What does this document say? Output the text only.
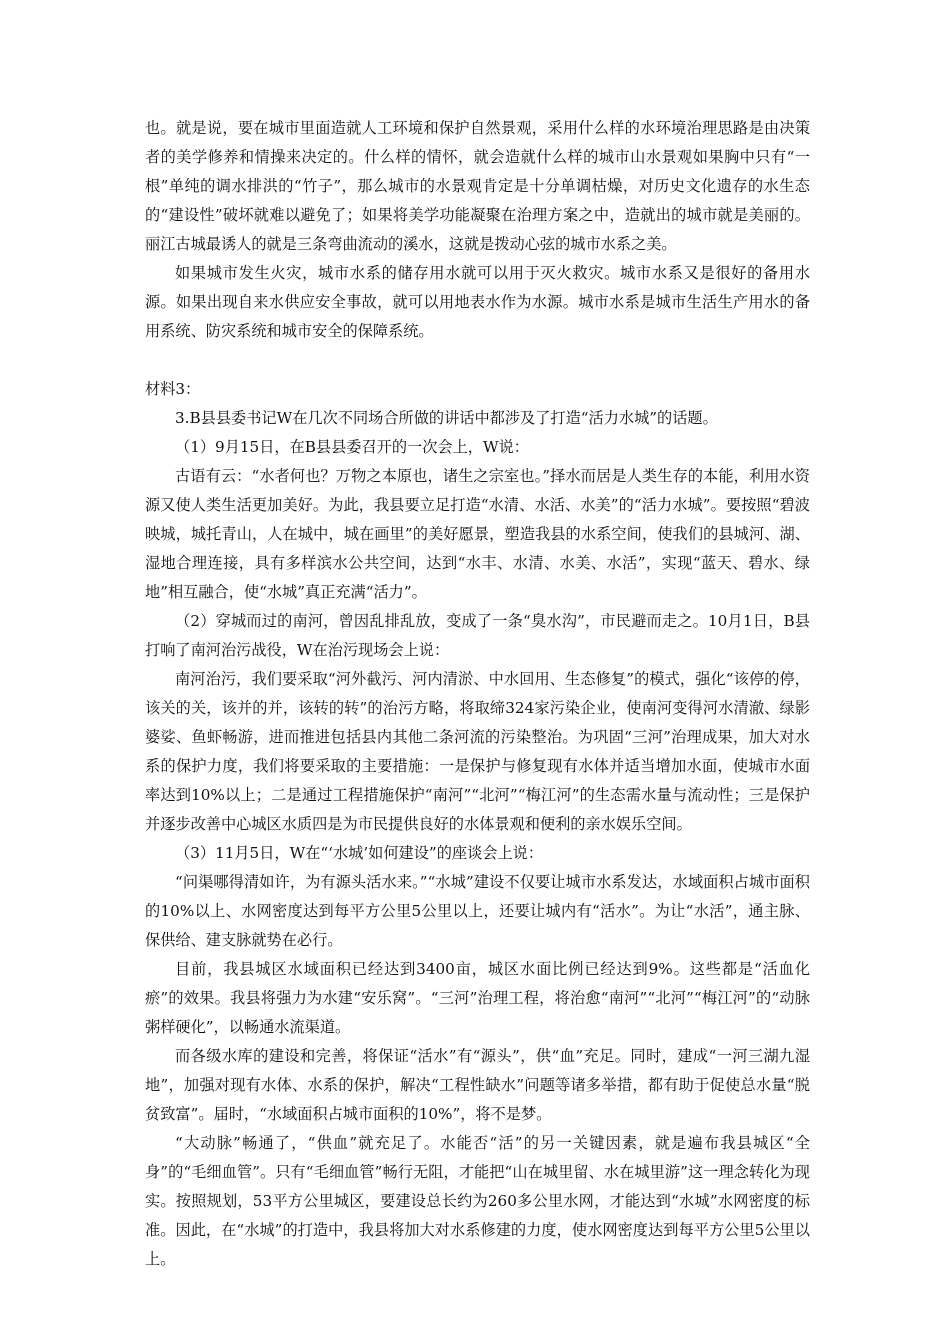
也。就是说，要在城市里面造就人工环境和保护自然景观，采用什么样的水环境治理思路是由决策者的美学修养和情操来决定的。什么样的情怀，就会造就什么样的城市山水景观如果胸中只有“一根”单纯的调水排洪的“竹子”，那么城市的水景观肯定是十分单调枯燥，对历史文化遗存的水生态的“建设性”破坏就难以避免了；如果将美学功能凝聚在治理方案之中，造就出的城市就是美丽的。丽江古城最诱人的就是三条弯曲流动的溪水，这就是拨动心弦的城市水系之美。

如果城市发生火灾，城市水系的储存用水就可以用于灭火救灾。城市水系又是很好的备用水源。如果出现自来水供应安全事故，就可以用地表水作为水源。城市水系是城市生活生产用水的备用系统、防灾系统和城市安全的保障系统。

材料3：

3.B县县委书记W在几次不同场合所做的讲话中都涉及了打造“活力水城”的话题。

（1）9月15日，在B县县委召开的一次会上，W说：

古语有云：“水者何也？万物之本原也，诸生之宗室也。”择水而居是人类生存的本能，利用水资源又使人类生活更加美好。为此，我县要立足打造“水清、水活、水美”的“活力水城”。要按照“碧波映城，城托青山，人在城中，城在画里”的美好愿景，塑造我县的水系空间，使我们的县城河、湖、湿地合理连接，具有多样滨水公共空间，达到“水丰、水清、水美、水活”，实现“蓝天、碧水、绿地”相互融合，使“水城”真正充满“活力”。

（2）穿城而过的南河，曾因乱排乱放，变成了一条“臭水沟”，市民避而走之。10月1日，B县打响了南河治污战役，W在治污现场会上说：

南河治污，我们要采取“河外截污、河内清淤、中水回用、生态修复”的模式，强化“该停的停，该关的关，该并的并，该转的转”的治污方略，将取缔324家污染企业，使南河变得河水清澈、绿影婆娑、鱼虾畅游，进而推进包括县内其他二条河流的污染整治。为巩固“三河”治理成果，加大对水系的保护力度，我们将要采取的主要措施：一是保护与修复现有水体并适当增加水面，使城市水面率达到10%以上；二是通过工程措施保护“南河”“北河”“梅江河”的生态需水量与流动性；三是保护并逐步改善中心城区水质四是为市民提供良好的水体景观和便利的亲水娱乐空间。

（3）11月5日，W在“‘水城’如何建设”的座谈会上说：

“问渠哪得清如许，为有源头活水来。”“水城”建设不仅要让城市水系发达，水域面积占城市面积的10%以上、水网密度达到每平方公里5公里以上，还要让城内有“活水”。为让“水活”，通主脉、保供给、建支脉就势在必行。

目前，我县城区水域面积已经达到3400亩，城区水面比例已经达到9%。这些都是“活血化瘀”的效果。我县将强力为水建“安乐窝”。“三河”治理工程，将治愈“南河”“北河”“梅江河”的“动脉粥样硬化”，以畅通水流渠道。

而各级水库的建设和完善，将保证“活水”有“源头”，供“血”充足。同时，建成“一河三湖九湿地”，加强对现有水体、水系的保护，解决“工程性缺水”问题等诸多举措，都有助于促使总水量“脱贫致富”。届时，“水域面积占城市面积的10%”，将不是梦。

“大动脉”畅通了，“供血”就充足了。水能否“活”的另一关键因素，就是遍布我县城区“全身”的“毛细血管”。只有“毛细血管”畅行无阻，才能把“山在城里留、水在城里游”这一理念转化为现实。按照规划，53平方公里城区，要建设总长约为260多公里水网，才能达到“水城”水网密度的标准。因此，在“水城”的打造中，我县将加大对水系修建的力度，使水网密度达到每平方公里5公里以上。
